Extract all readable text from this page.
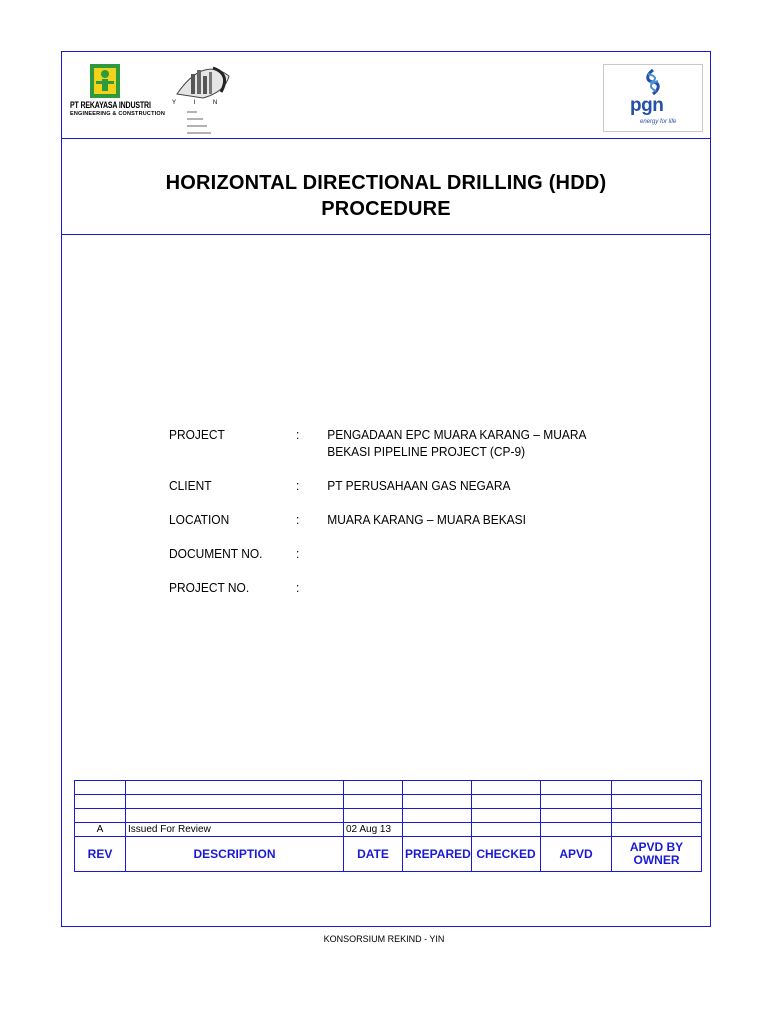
PT REKAYASA INDUSTRI
ENGINEERING & CONSTRUCTION
Y I N	pgn
energy for life
HORIZONTAL DIRECTIONAL DRILLING (HDD)
PROCEDURE
PROJECT	: PENGADAAN EPC MUARA KARANG – MUARA BEKASI PIPELINE PROJECT (CP-9)
CLIENT	: PT PERUSAHAAN GAS NEGARA
LOCATION	: MUARA KARANG – MUARA BEKASI
DOCUMENT NO.	:
PROJECT NO.	:

A	Issued For Review	02 Aug 13				
REV	DESCRIPTION	DATE	PREPARED	CHECKED	APVD	APVD BY OWNER
KONSORSIUM REKIND - YIN
